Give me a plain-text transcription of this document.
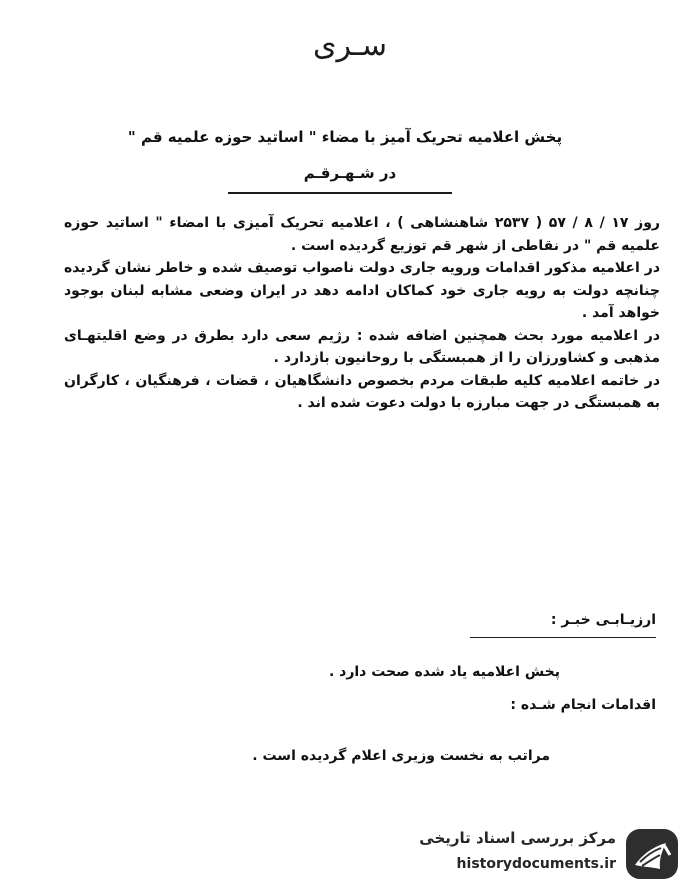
سـری
پخش اعلامیه تحریک آمیز با مضاء " اساتید حوزه علمیه قم "
در شـهـرقـم

روز ۱۷ / ۸ / ۵۷ ( ۲۵۳۷ شاهنشاهی ) ، اعلامیه تحریک آمیزی با امضاء " اساتید حوزه علمیه قم " در نقاطی از شهر قم توزیع گردیده است .

در اعلامیه مذکور اقدامات ورویه جاری دولت ناصواب توصیف شده و خاطر نشان گردیده چنانچه دولت به رویه جاری خود کماکان ادامه دهد در ایران وضعی مشابه لبنان بوجود خواهد آمد .

در اعلامیه مورد بحث همچنین اضافه شده : رژیم سعی دارد بطرق در وضع اقلیتهـای مذهبی و کشاورزان را از همبستگی با روحانیون بازدارد .

در خاتمه اعلامیه کلیه طبقات مردم بخصوص دانشگاهیان ، قضات ، فرهنگیان ، کارگران به همبستگی در جهت مبارزه با دولت دعوت شده اند .

ارزیـابـی خبـر :
پخش اعلامیه یاد شده صحت دارد .
اقدامات انجام شـده :
مراتب به نخست وزیری اعلام گردیده است .
مرکز بررسی اسناد تاریخی
historydocuments.ir
